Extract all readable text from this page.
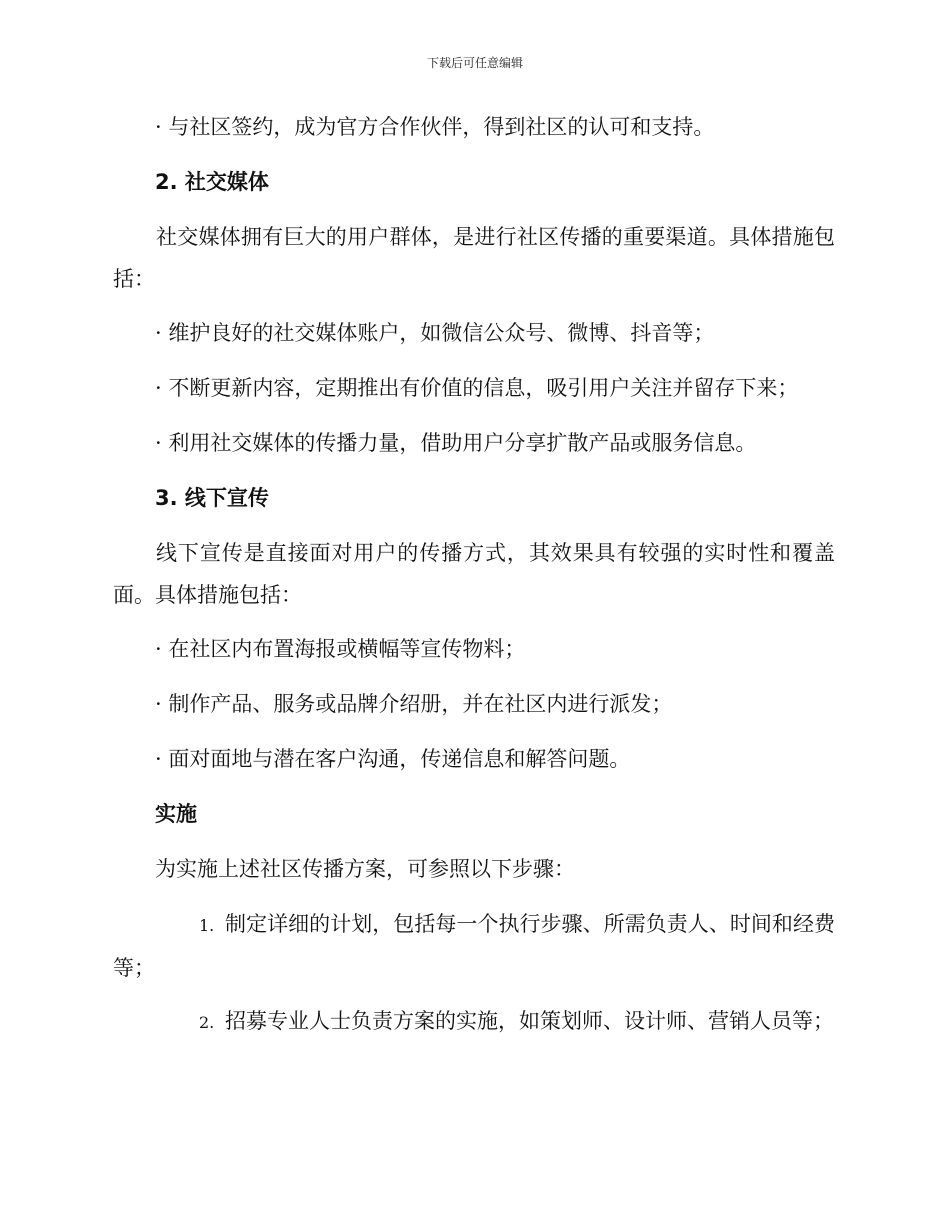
下载后可任意编辑
· 与社区签约，成为官方合作伙伴，得到社区的认可和支持。
2. 社交媒体
社交媒体拥有巨大的用户群体，是进行社区传播的重要渠道。具体措施包括：
· 维护良好的社交媒体账户，如微信公众号、微博、抖音等；
· 不断更新内容，定期推出有价值的信息，吸引用户关注并留存下来；
· 利用社交媒体的传播力量，借助用户分享扩散产品或服务信息。
3. 线下宣传
线下宣传是直接面对用户的传播方式，其效果具有较强的实时性和覆盖面。具体措施包括：
· 在社区内布置海报或横幅等宣传物料；
· 制作产品、服务或品牌介绍册，并在社区内进行派发；
· 面对面地与潜在客户沟通，传递信息和解答问题。
实施
为实施上述社区传播方案，可参照以下步骤：
1. 制定详细的计划，包括每一个执行步骤、所需负责人、时间和经费等；
2. 招募专业人士负责方案的实施，如策划师、设计师、营销人员等；
